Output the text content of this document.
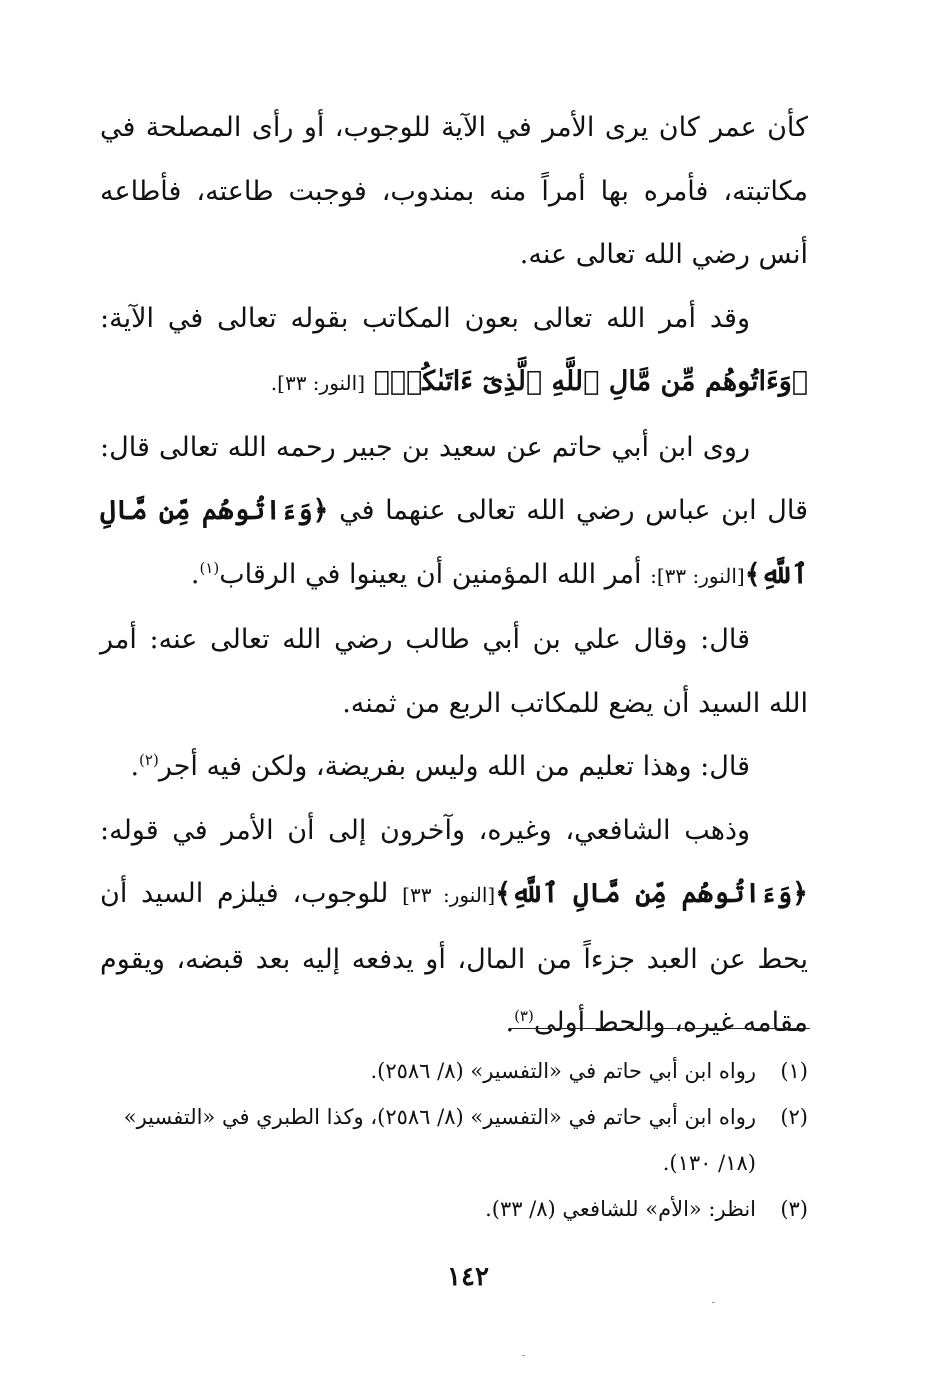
كأن عمر كان يرى الأمر في الآية للوجوب، أو رأى المصلحة في مكاتبته، فأمره بها أمراً منه بمندوب، فوجبت طاعته، فأطاعه أنس رضي الله تعالى عنه.

وقد أمر الله تعالى بعون المكاتب بقوله تعالى في الآية: ﴿وَءَاتُوهُم مِّن مَّالِ ٱللَّهِ ٱلَّذِىٓ ءَاتَىٰكُمۡ﴾ [النور: ٣٣].

روى ابن أبي حاتم عن سعيد بن جبير رحمه الله تعالى قال: قال ابن عباس رضي الله تعالى عنهما في ﴿وَءَاتُوهُم مِّن مَّالِ ٱللَّهِ﴾[النور: ٣٣]: أمر الله المؤمنين أن يعينوا في الرقاب$^{(١)}$.

قال: وقال علي بن أبي طالب رضي الله تعالى عنه: أمر الله السيد أن يضع للمكاتب الربع من ثمنه.

قال: وهذا تعليم من الله وليس بفريضة، ولكن فيه أجر$^{(٢)}$.

وذهب الشافعي، وغيره، وآخرون إلى أن الأمر في قوله: ﴿وَءَاتُوهُم مِّن مَّالِ ٱللَّهِ﴾[النور: ٣٣] للوجوب، فيلزم السيد أن يحط عن العبد جزءاً من المال، أو يدفعه إليه بعد قبضه، ويقوم مقامه غيره، والحط أولى$^{(٣)}$.

(١)
رواه ابن أبي حاتم في «التفسير» (٨/ ٢٥٨٦).
(٢)
رواه ابن أبي حاتم في «التفسير» (٨/ ٢٥٨٦)، وكذا الطبري في «التفسير» (١٨/ ١٣٠).
(٣)
انظر: «الأم» للشافعي (٨/ ٣٣).
١٤٢
